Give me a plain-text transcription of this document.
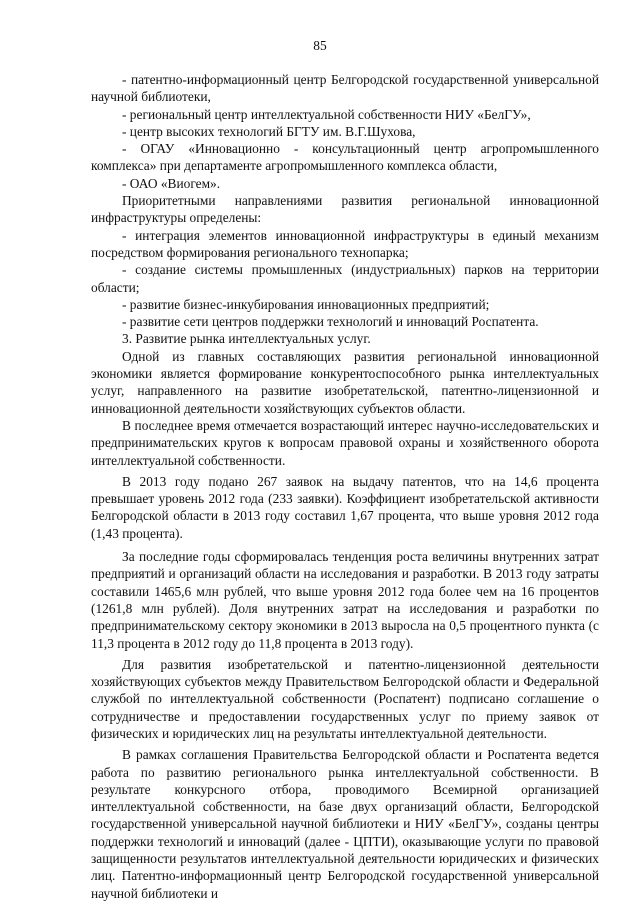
85

- патентно-информационный центр Белгородской государственной универсальной научной библиотеки,

- региональный центр интеллектуальной собственности НИУ «БелГУ»,

- центр высоких технологий БГТУ им. В.Г.Шухова,

- ОГАУ «Инновационно - консультационный центр агропромышленного комплекса» при департаменте агропромышленного комплекса области,

- ОАО «Виогем».

Приоритетными направлениями развития региональной инновационной инфраструктуры определены:

- интеграция элементов инновационной инфраструктуры в единый механизм посредством формирования регионального технопарка;

- создание системы промышленных (индустриальных) парков на территории области;

- развитие бизнес-инкубирования инновационных предприятий;

- развитие сети центров поддержки технологий и инноваций Роспатента.

3. Развитие рынка интеллектуальных услуг.

Одной из главных составляющих развития региональной инновационной экономики является формирование конкурентоспособного рынка интеллектуальных услуг, направленного на развитие изобретательской, патентно-лицензионной и инновационной деятельности хозяйствующих субъектов области.

В последнее время отмечается возрастающий интерес научно-исследовательских и предпринимательских кругов к вопросам правовой охраны и хозяйственного оборота интеллектуальной собственности.

В 2013 году подано 267 заявок на выдачу патентов, что на 14,6 процента превышает уровень 2012 года (233 заявки). Коэффициент изобретательской активности Белгородской области в 2013 году составил 1,67 процента, что выше уровня 2012 года (1,43 процента).

За последние годы сформировалась тенденция роста величины внутренних затрат предприятий и организаций области на исследования и разработки. В 2013 году затраты составили 1465,6 млн рублей, что выше уровня 2012 года более чем на 16 процентов (1261,8 млн рублей). Доля внутренних затрат на исследования и разработки по предпринимательскому сектору экономики в 2013 выросла на 0,5 процентного пункта (с 11,3 процента в 2012 году до 11,8 процента в 2013 году).

Для развития изобретательской и патентно-лицензионной деятельности хозяйствующих субъектов между Правительством Белгородской области и Федеральной службой по интеллектуальной собственности (Роспатент) подписано соглашение о сотрудничестве и предоставлении государственных услуг по приему заявок от физических и юридических лиц на результаты интеллектуальной деятельности.

В рамках соглашения Правительства Белгородской области и Роспатента ведется работа по развитию регионального рынка интеллектуальной собственности. В результате конкурсного отбора, проводимого Всемирной организацией интеллектуальной собственности, на базе двух организаций области, Белгородской государственной универсальной научной библиотеки и НИУ «БелГУ», созданы центры поддержки технологий и инноваций (далее - ЦПТИ), оказывающие услуги по правовой защищенности результатов интеллектуальной деятельности юридических и физических лиц. Патентно-информационный центр Белгородской государственной универсальной научной библиотеки и
